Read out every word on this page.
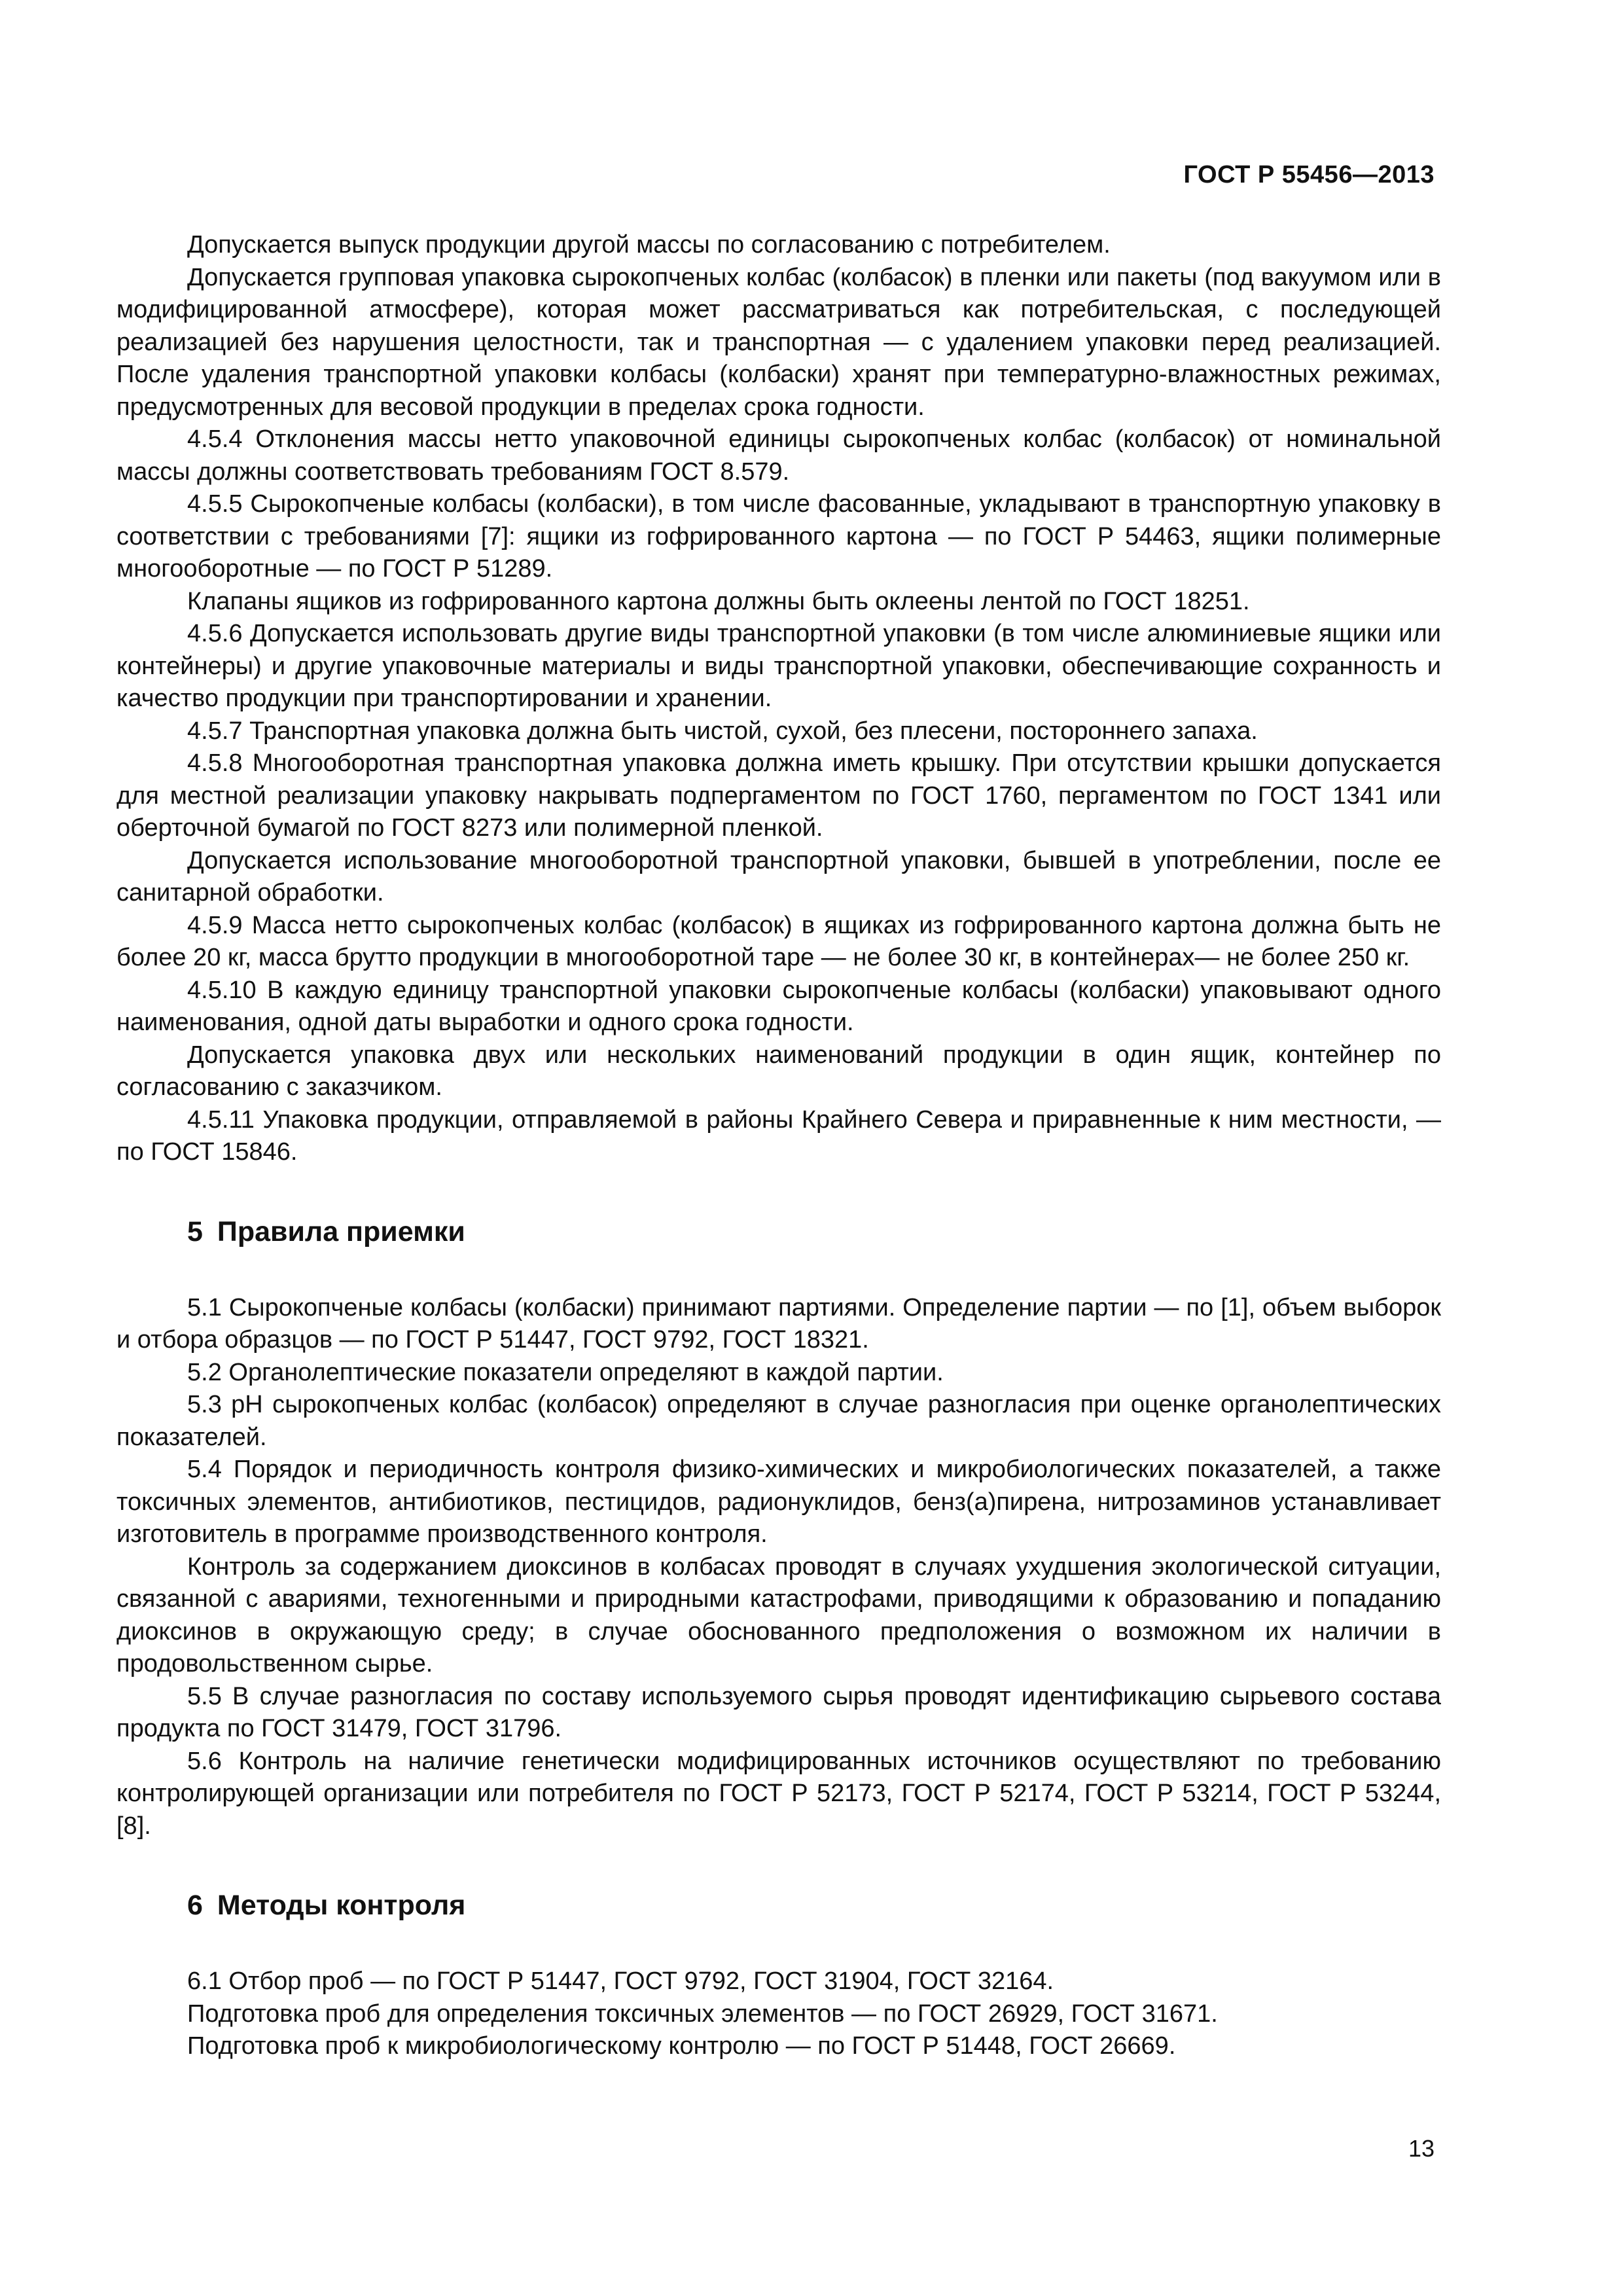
ГОСТ Р 55456—2013

Допускается выпуск продукции другой массы по согласованию с потребителем.

Допускается групповая упаковка сырокопченых колбас (колбасок) в пленки или пакеты (под вакуумом или в модифицированной атмосфере), которая может рассматриваться как потребительская, с последующей реализацией без нарушения целостности, так и транспортная — с удалением упаковки перед реализацией. После удаления транспортной упаковки колбасы (колбаски) хранят при температурно-влажностных режимах, предусмотренных для весовой продукции в пределах срока годности.

4.5.4 Отклонения массы нетто упаковочной единицы сырокопченых колбас (колбасок) от номинальной массы должны соответствовать требованиям ГОСТ 8.579.

4.5.5 Сырокопченые колбасы (колбаски), в том числе фасованные, укладывают в транспортную упаковку в соответствии с требованиями [7]: ящики из гофрированного картона — по ГОСТ Р 54463, ящики полимерные многооборотные — по ГОСТ Р 51289.

Клапаны ящиков из гофрированного картона должны быть оклеены лентой по ГОСТ 18251.

4.5.6 Допускается использовать другие виды транспортной упаковки (в том числе алюминиевые ящики или контейнеры) и другие упаковочные материалы и виды транспортной упаковки, обеспечивающие сохранность и качество продукции при транспортировании и хранении.

4.5.7 Транспортная упаковка должна быть чистой, сухой, без плесени, постороннего запаха.

4.5.8 Многооборотная транспортная упаковка должна иметь крышку. При отсутствии крышки допускается для местной реализации упаковку накрывать подпергаментом по ГОСТ 1760, пергаментом по ГОСТ 1341 или оберточной бумагой по ГОСТ 8273 или полимерной пленкой.

Допускается использование многооборотной транспортной упаковки, бывшей в употреблении, после ее санитарной обработки.

4.5.9 Масса нетто сырокопченых колбас (колбасок) в ящиках из гофрированного картона должна быть не более 20 кг, масса брутто продукции в многооборотной таре — не более 30 кг, в контейнерах— не более 250 кг.

4.5.10 В каждую единицу транспортной упаковки сырокопченые колбасы (колбаски) упаковывают одного наименования, одной даты выработки и одного срока годности.

Допускается упаковка двух или нескольких наименований продукции в один ящик, контейнер по согласованию с заказчиком.

4.5.11 Упаковка продукции, отправляемой в районы Крайнего Севера и приравненные к ним местности, — по ГОСТ 15846.

5 Правила приемки

5.1 Сырокопченые колбасы (колбаски) принимают партиями. Определение партии — по [1], объем выборок и отбора образцов — по ГОСТ Р 51447, ГОСТ 9792, ГОСТ 18321.

5.2 Органолептические показатели определяют в каждой партии.

5.3 pH сырокопченых колбас (колбасок) определяют в случае разногласия при оценке органолептических показателей.

5.4 Порядок и периодичность контроля физико-химических и микробиологических показателей, а также токсичных элементов, антибиотиков, пестицидов, радионуклидов, бенз(а)пирена, нитрозаминов устанавливает изготовитель в программе производственного контроля.

Контроль за содержанием диоксинов в колбасах проводят в случаях ухудшения экологической ситуации, связанной с авариями, техногенными и природными катастрофами, приводящими к образованию и попаданию диоксинов в окружающую среду; в случае обоснованного предположения о возможном их наличии в продовольственном сырье.

5.5 В случае разногласия по составу используемого сырья проводят идентификацию сырьевого состава продукта по ГОСТ 31479, ГОСТ 31796.

5.6 Контроль на наличие генетически модифицированных источников осуществляют по требованию контролирующей организации или потребителя по ГОСТ Р 52173, ГОСТ Р 52174, ГОСТ Р 53214, ГОСТ Р 53244, [8].

6 Методы контроля

6.1 Отбор проб — по ГОСТ Р 51447, ГОСТ 9792, ГОСТ 31904, ГОСТ 32164.

Подготовка проб для определения токсичных элементов — по ГОСТ 26929, ГОСТ 31671.

Подготовка проб к микробиологическому контролю — по ГОСТ Р 51448, ГОСТ 26669.

13
